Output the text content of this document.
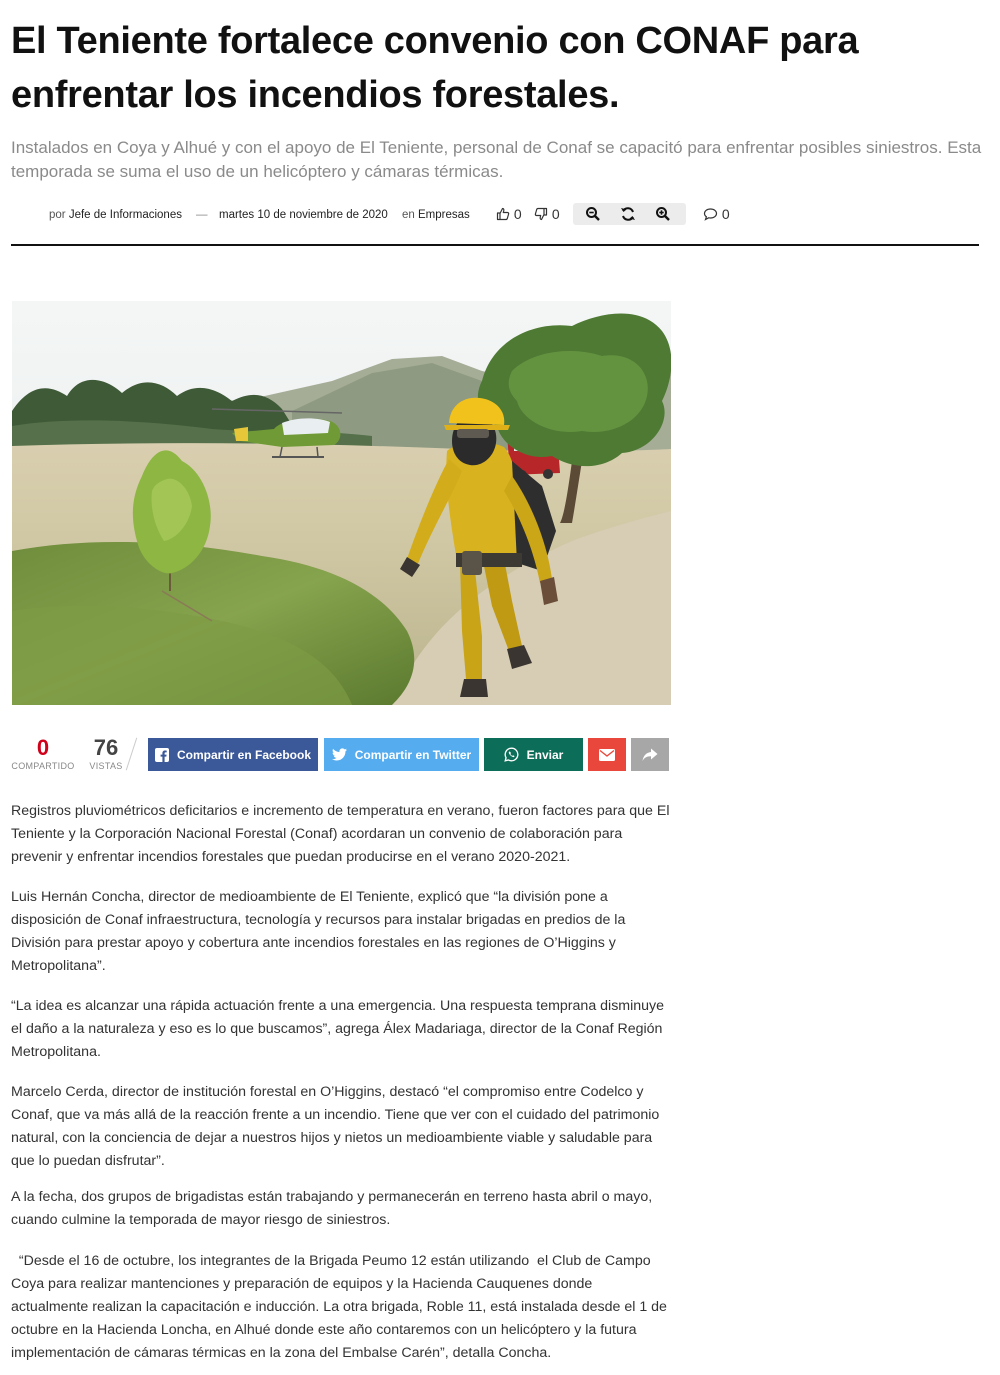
El Teniente fortalece convenio con CONAF para enfrentar los incendios forestales.

Instalados en Coya y Alhué y con el apoyo de El Teniente, personal de Conaf se capacitó para enfrentar posibles siniestros. Esta temporada se suma el uso de un helicóptero y cámaras térmicas.

por Jefe de Informaciones — martes 10 de noviembre de 2020 en Empresas	0	0	0
0
COMPARTIDO
76
VISTAS
Compartir en Facebook	Compartir en Twitter	Enviar

Registros pluviométricos deficitarios e incremento de temperatura en verano, fueron factores para que El Teniente y la Corporación Nacional Forestal (Conaf) acordaran un convenio de colaboración para prevenir y enfrentar incendios forestales que puedan producirse en el verano 2020-2021.

Luis Hernán Concha, director de medioambiente de El Teniente, explicó que “la división pone a disposición de Conaf infraestructura, tecnología y recursos para instalar brigadas en predios de la División para prestar apoyo y cobertura ante incendios forestales en las regiones de O’Higgins y Metropolitana”.

“La idea es alcanzar una rápida actuación frente a una emergencia. Una respuesta temprana disminuye el daño a la naturaleza y eso es lo que buscamos”, agrega Álex Madariaga, director de la Conaf Región Metropolitana.

Marcelo Cerda, director de institución forestal en O’Higgins, destacó “el compromiso entre Codelco y Conaf, que va más allá de la reacción frente a un incendio. Tiene que ver con el cuidado del patrimonio natural, con la conciencia de dejar a nuestros hijos y nietos un medioambiente viable y saludable para que lo puedan disfrutar”.

A la fecha, dos grupos de brigadistas están trabajando y permanecerán en terreno hasta abril o mayo, cuando culmine la temporada de mayor riesgo de siniestros.

“Desde el 16 de octubre, los integrantes de la Brigada Peumo 12 están utilizando  el Club de Campo Coya para realizar mantenciones y preparación de equipos y la Hacienda Cauquenes donde actualmente realizan la capacitación e inducción. La otra brigada, Roble 11, está instalada desde el 1 de octubre en la Hacienda Loncha, en Alhué donde este año contaremos con un helicóptero y la futura implementación de cámaras térmicas en la zona del Embalse Carén”, detalla Concha.
